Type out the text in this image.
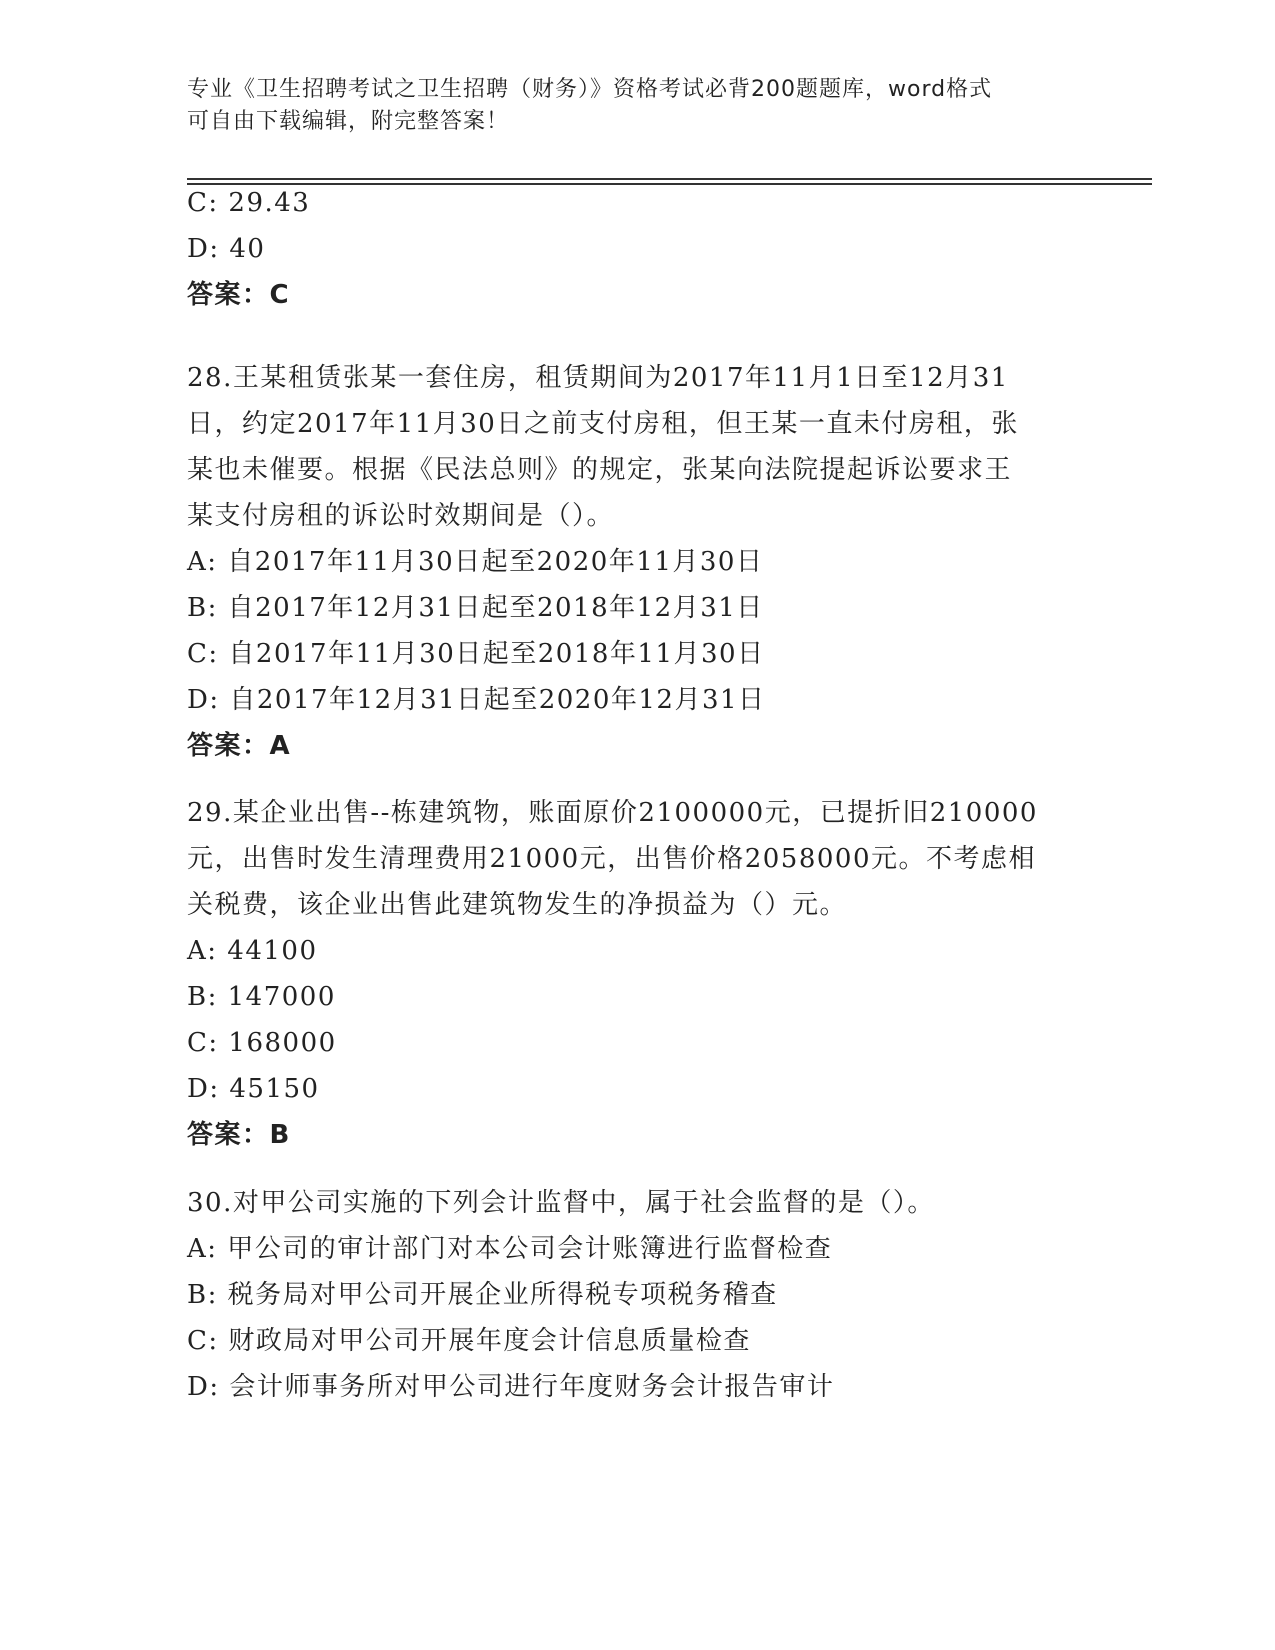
专业《卫生招聘考试之卫生招聘（财务）》资格考试必背200题题库，word格式
可自由下载编辑，附完整答案！
C: 29.43
D: 40
答案：C
28.王某租赁张某一套住房，租赁期间为2017年11月1日至12月31
日，约定2017年11月30日之前支付房租，但王某一直未付房租，张
某也未催要。根据《民法总则》的规定，张某向法院提起诉讼要求王
某支付房租的诉讼时效期间是（）。
A: 自2017年11月30日起至2020年11月30日
B: 自2017年12月31日起至2018年12月31日
C: 自2017年11月30日起至2018年11月30日
D: 自2017年12月31日起至2020年12月31日
答案：A
29.某企业出售--栋建筑物，账面原价2100000元，已提折旧210000
元，出售时发生清理费用21000元，出售价格2058000元。不考虑相
关税费，该企业出售此建筑物发生的净损益为（）元。
A: 44100
B: 147000
C: 168000
D: 45150
答案：B
30.对甲公司实施的下列会计监督中，属于社会监督的是（）。
A: 甲公司的审计部门对本公司会计账簿进行监督检查
B: 税务局对甲公司开展企业所得税专项税务稽查
C: 财政局对甲公司开展年度会计信息质量检查
D: 会计师事务所对甲公司进行年度财务会计报告审计
